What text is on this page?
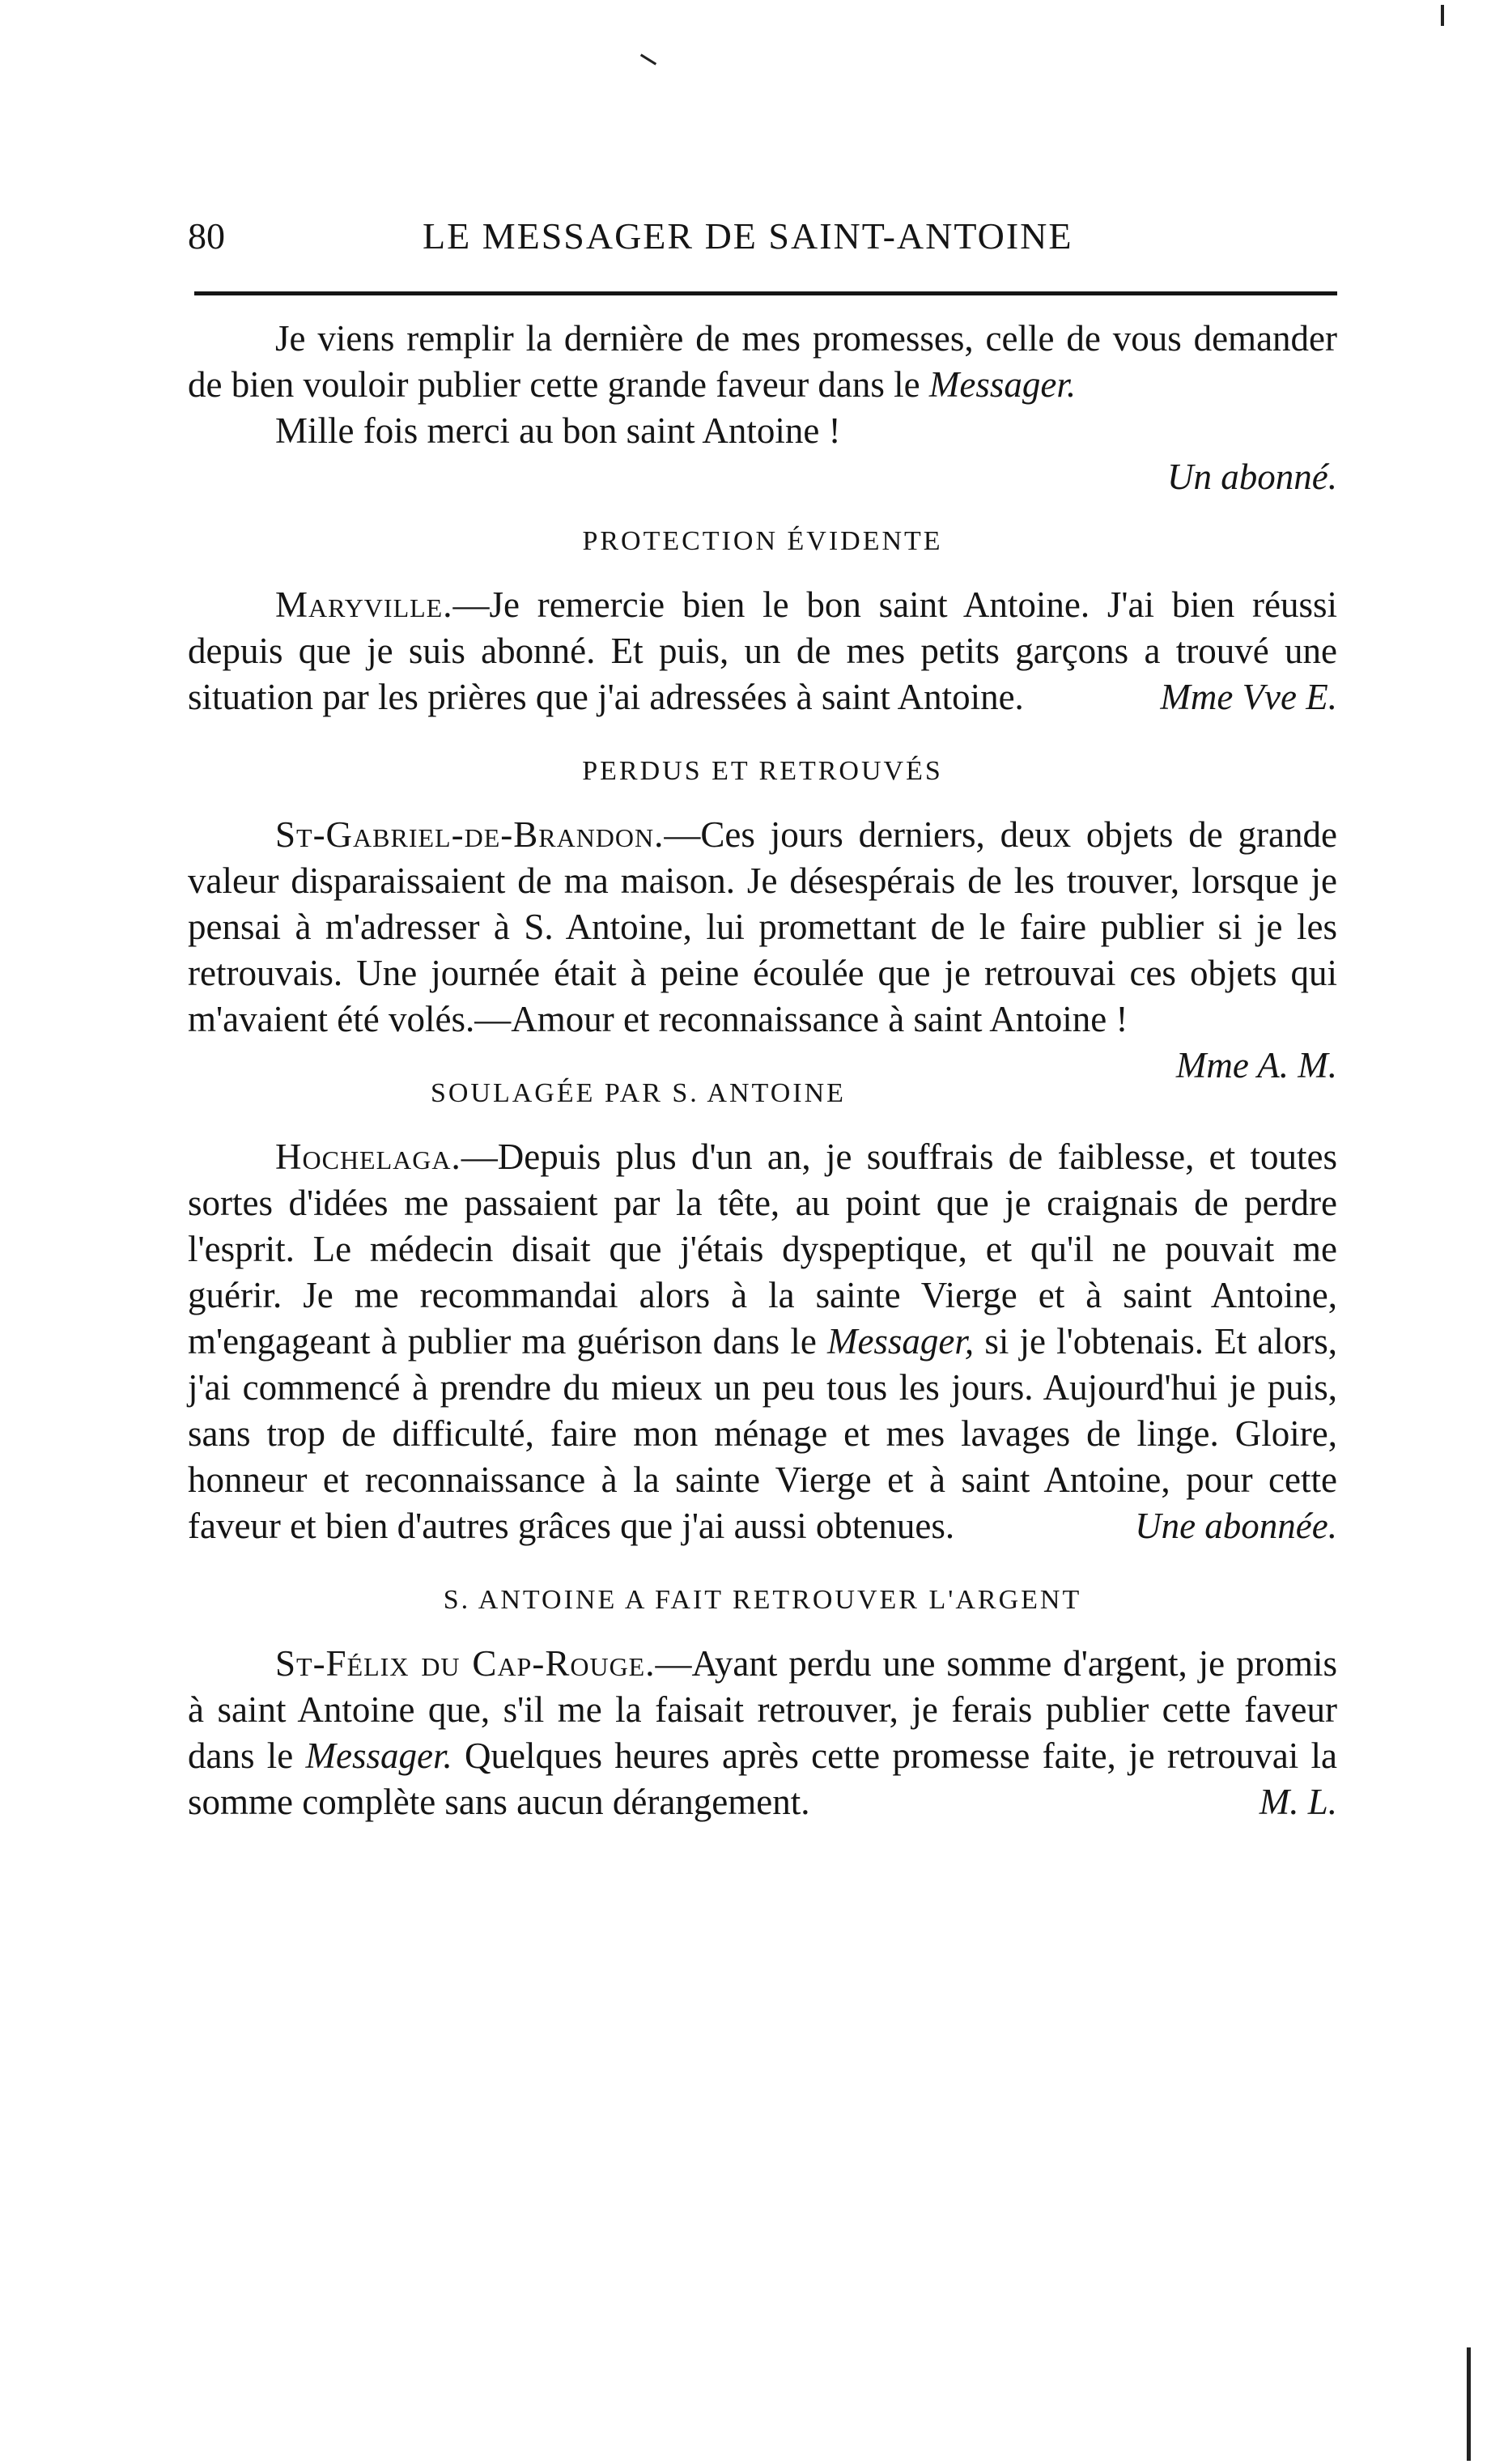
80	LE MESSAGER DE SAINT-ANTOINE

Je viens remplir la dernière de mes promesses, celle de vous demander de bien vouloir publier cette grande faveur dans le Messager.

Mille fois merci au bon saint Antoine !

Un abonné.

PROTECTION ÉVIDENTE

Maryville.—Je remercie bien le bon saint Antoine. J'ai bien réussi depuis que je suis abonné. Et puis, un de mes petits garçons a trouvé une situation par les prières que j'ai adressées à saint Antoine.	Mme Vve E.

PERDUS ET RETROUVÉS

St-Gabriel-de-Brandon.—Ces jours derniers, deux objets de grande valeur disparaissaient de ma maison. Je désespérais de les trouver, lorsque je pensai à m'adresser à S. Antoine, lui promettant de le faire publier si je les retrouvais. Une journée était à peine écoulée que je retrouvai ces objets qui m'avaient été volés.—Amour et reconnaissance à saint Antoine !
Mme A. M.

SOULAGÉE PAR S. ANTOINE

Hochelaga.—Depuis plus d'un an, je souffrais de faiblesse, et toutes sortes d'idées me passaient par la tête, au point que je craignais de perdre l'esprit. Le médecin disait que j'étais dyspeptique, et qu'il ne pouvait me guérir. Je me recommandai alors à la sainte Vierge et à saint Antoine, m'engageant à publier ma guérison dans le Messager, si je l'obtenais. Et alors, j'ai commencé à prendre du mieux un peu tous les jours. Aujourd'hui je puis, sans trop de difficulté, faire mon ménage et mes lavages de linge. Gloire, honneur et reconnaissance à la sainte Vierge et à saint Antoine, pour cette faveur et bien d'autres grâces que j'ai aussi obtenues.	Une abonnée.

S. ANTOINE A FAIT RETROUVER L'ARGENT

St-Félix du Cap-Rouge.—Ayant perdu une somme d'argent, je promis à saint Antoine que, s'il me la faisait retrouver, je ferais publier cette faveur dans le Messager. Quelques heures après cette promesse faite, je retrouvai la somme complète sans aucun dérangement.	M. L.
